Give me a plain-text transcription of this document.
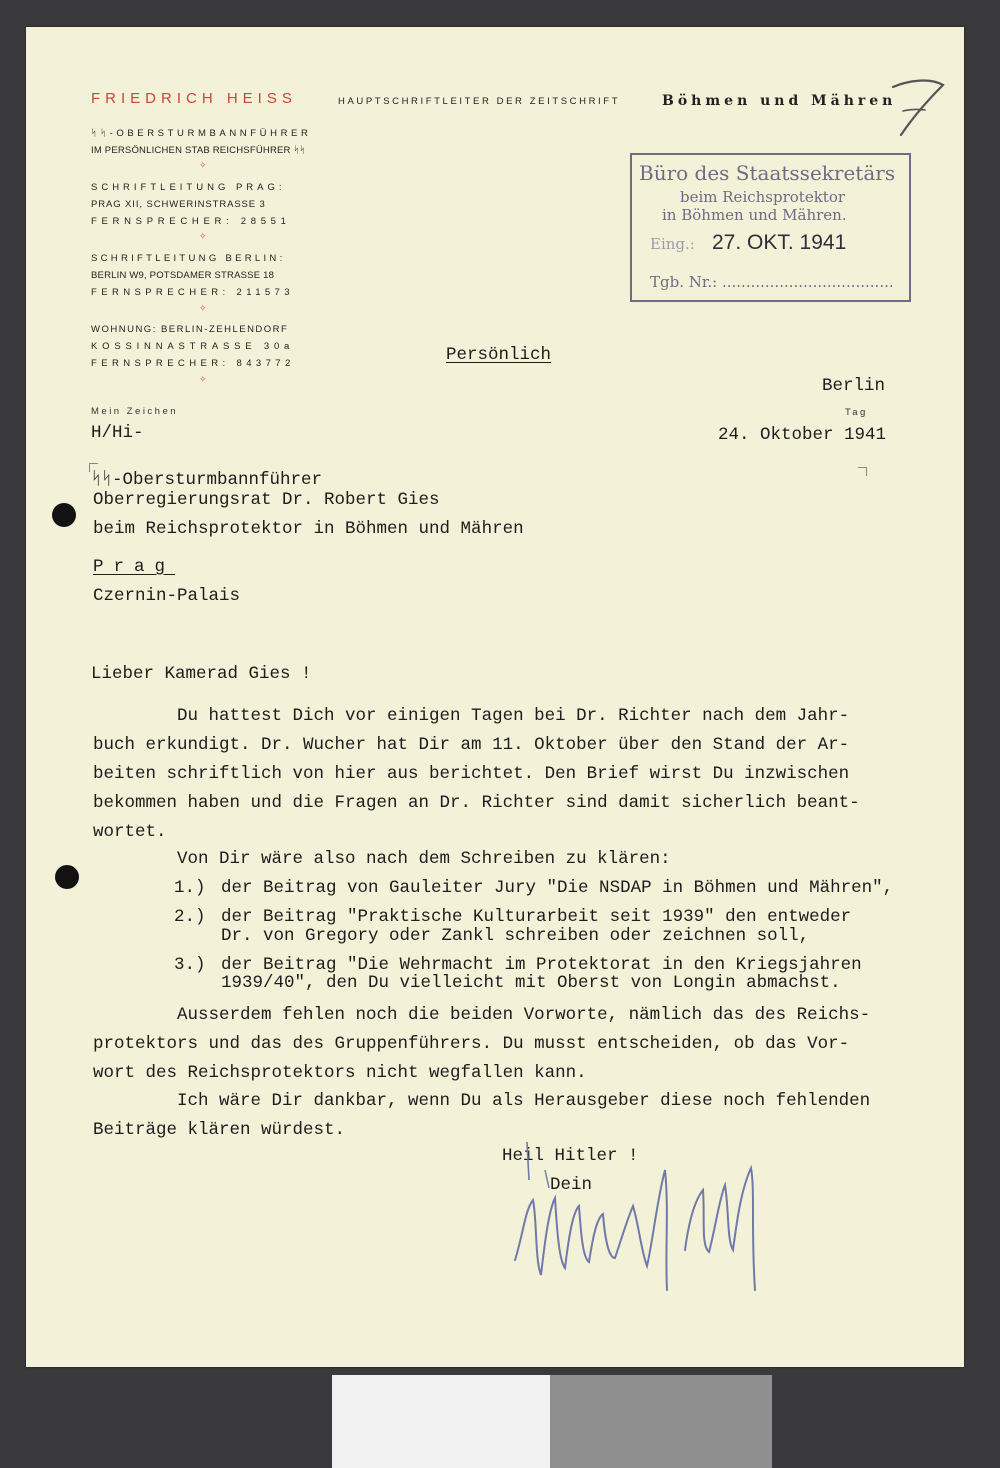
FRIEDRICH HEISS	HAUPTSCHRIFTLEITER DER ZEITSCHRIFT	Böhmen und Mähren
ᛋᛋ-OBERSTURMBANNFÜHRER
IM PERSÖNLICHEN STAB REICHSFÜHRER ᛋᛋ
✧
SCHRIFTLEITUNG PRAG:
PRAG XII, SCHWERINSTRASSE 3
FERNSPRECHER: 28551
✧
SCHRIFTLEITUNG BERLIN:
BERLIN W9, POTSDAMER STRASSE 18
FERNSPRECHER: 211573
✧
WOHNUNG: BERLIN-ZEHLENDORF
KOSSINNASTRASSE 30a
FERNSPRECHER: 843772
✧
7
Büro des Staatssekretärs
beim Reichsprotektor
in Böhmen und Mähren.
Eing.: 27. OKT. 1941
Tgb. Nr.: ....................................
Persönlich
Berlin
Tag
24. Oktober 1941
Mein Zeichen
H/Hi-
ᛋᛋ-Obersturmbannführer
Oberregierungsrat Dr. Robert Gies
beim Reichsprotektor in Böhmen und Mähren
Prag
Czernin-Palais
Lieber Kamerad Gies !
Du hattest Dich vor einigen Tagen bei Dr. Richter nach dem Jahr-
buch erkundigt. Dr. Wucher hat Dir am 11. Oktober über den Stand der Ar-
beiten schriftlich von hier aus berichtet. Den Brief wirst Du inzwischen
bekommen haben und die Fragen an Dr. Richter sind damit sicherlich beant-
wortet.
Von Dir wäre also nach dem Schreiben zu klären:
1.) der Beitrag von Gauleiter Jury "Die NSDAP in Böhmen und Mähren",
2.) der Beitrag "Praktische Kulturarbeit seit 1939" den entweder
Dr. von Gregory oder Zankl schreiben oder zeichnen soll,
3.) der Beitrag "Die Wehrmacht im Protektorat in den Kriegsjahren
1939/40", den Du vielleicht mit Oberst von Longin abmachst.
Ausserdem fehlen noch die beiden Vorworte, nämlich das des Reichs-
protektors und das des Gruppenführers. Du musst entscheiden, ob das Vor-
wort des Reichsprotektors nicht wegfallen kann.
Ich wäre Dir dankbar, wenn Du als Herausgeber diese noch fehlenden
Beiträge klären würdest.
Heil Hitler !
Dein
